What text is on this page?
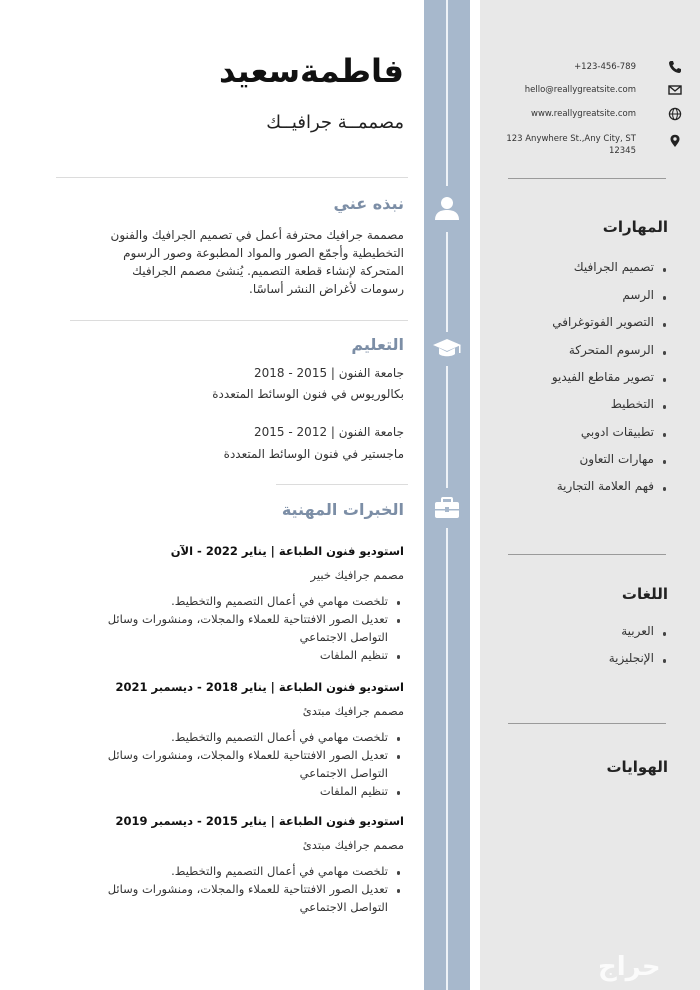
+123-456-789
hello@reallygreatsite.com
www.reallygreatsite.com
123 Anywhere St.,Any City, ST
12345
المهارات
تصميم الجرافيك
الرسم
التصوير الفوتوغرافي
الرسوم المتحركة
تصوير مقاطع الفيديو
التخطيط
تطبيقات ادوبي
مهارات التعاون
فهم العلامة التجارية
اللغات
العربية
الإنجليزية
الهوايات
حراج
فاطمةسعيد
مصممــة جرافيــك
نبذه عني
مصممة جرافيك محترفة أعمل في تصميم الجرافيك والفنون
التخطيطية وأجمّع الصور والمواد المطبوعة وصور الرسوم
المتحركة لإنشاء قطعة التصميم. يُنشئ مصمم الجرافيك
رسومات لأغراض النشر أساسًا.
التعليم
جامعة الفنون | 2015 - 2018
بكالوريوس في فنون الوسائط المتعددة
جامعة الفنون | 2012 - 2015
ماجستير في فنون الوسائط المتعددة
الخبرات المهنية
استوديو فنون الطباعة | يناير 2022 - الآن
مصمم جرافيك خبير
تلخصت مهامي في أعمال التصميم والتخطيط.
تعديل الصور الافتتاحية للعملاء والمجلات، ومنشورات وسائل
التواصل الاجتماعي
تنظيم الملفات
استوديو فنون الطباعة | يناير 2018 - ديسمبر 2021
مصمم جرافيك مبتدئ
تلخصت مهامي في أعمال التصميم والتخطيط.
تعديل الصور الافتتاحية للعملاء والمجلات، ومنشورات وسائل
التواصل الاجتماعي
تنظيم الملفات
استوديو فنون الطباعة | يناير 2015 - ديسمبر 2019
مصمم جرافيك مبتدئ
تلخصت مهامي في أعمال التصميم والتخطيط.
تعديل الصور الافتتاحية للعملاء والمجلات، ومنشورات وسائل
التواصل الاجتماعي
